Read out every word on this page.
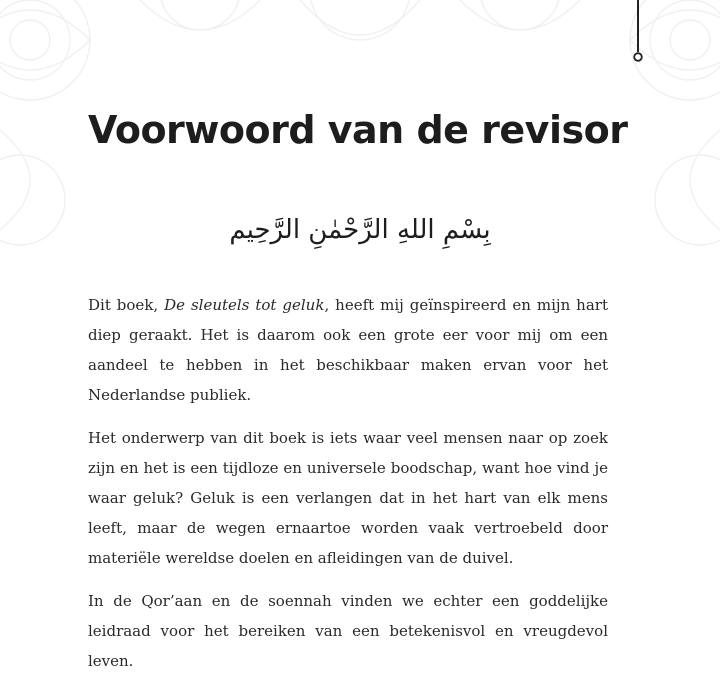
Voorwoord van de revisor
بِسْمِ اللهِ الرَّحْمٰنِ الرَّحِيم

Dit boek, De sleutels tot geluk, heeft mij geïnspireerd en mijn hart diep geraakt. Het is daarom ook een grote eer voor mij om een aandeel te hebben in het beschikbaar maken ervan voor het Nederlandse publiek.

Het onderwerp van dit boek is iets waar veel mensen naar op zoek zijn en het is een tijdloze en universele boodschap, want hoe vind je waar geluk? Geluk is een verlangen dat in het hart van elk mens leeft, maar de wegen ernaartoe worden vaak vertroebeld door materiële wereldse doelen en afleidingen van de duivel.

In de Qor’aan en de soennah vinden we echter een goddelijke leidraad voor het bereiken van een betekenisvol en vreugdevol leven.
